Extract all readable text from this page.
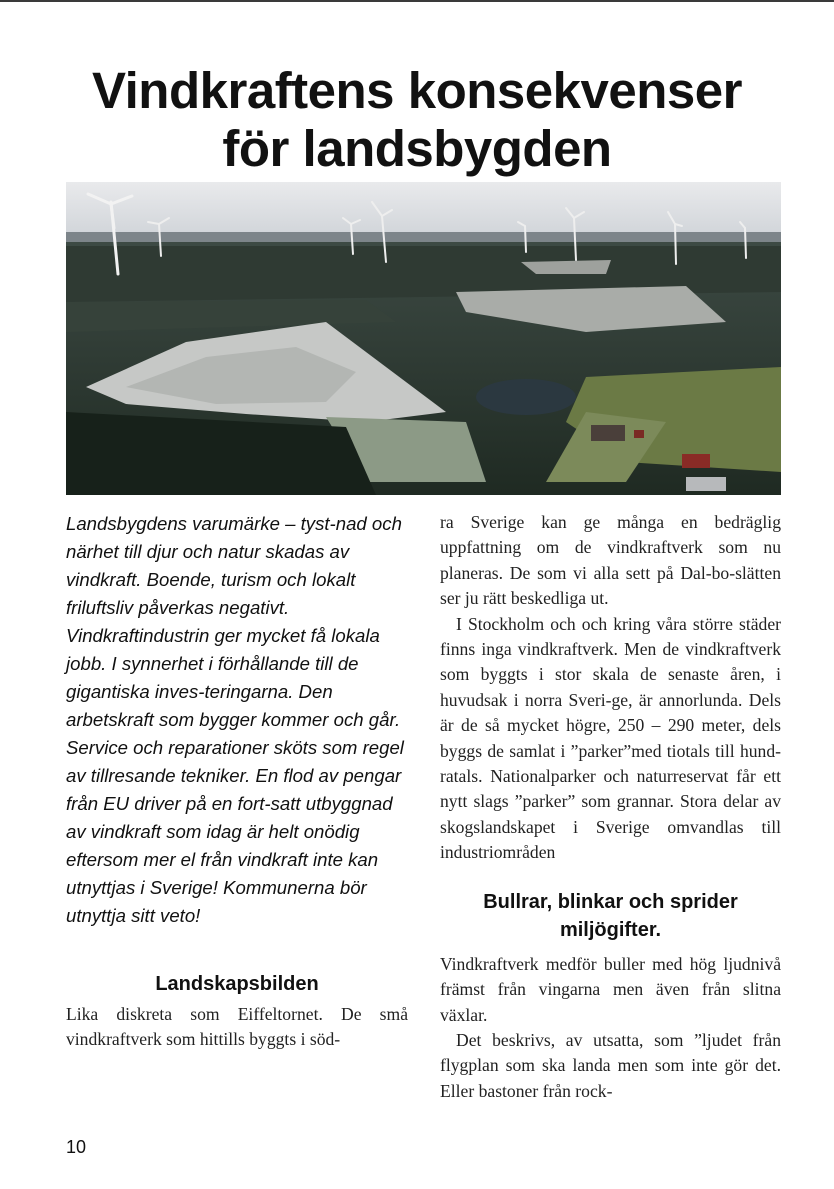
Vindkraftens konsekvenser
för landsbygden

Landsbygdens varumärke – tyst-nad och närhet till djur och natur skadas av vindkraft. Boende, turism och lokalt friluftsliv påverkas negativt. Vindkraftindustrin ger mycket få lokala jobb. I synnerhet i förhållande till de gigantiska inves-teringarna. Den arbetskraft som bygger kommer och går. Service och reparationer sköts som regel av tillresande tekniker. En flod av pengar från EU driver på en fort-satt utbyggnad av vindkraft som idag är helt onödig eftersom mer el från vindkraft inte kan utnyttjas i Sverige! Kommunerna bör utnyttja sitt veto!

Landskapsbilden

Lika diskreta som Eiffeltornet. De små vindkraftverk som hittills byggts i söd-

ra Sverige kan ge många en bedräglig uppfattning om de vindkraftverk som nu planeras. De som vi alla sett på Dal-bo-slätten ser ju rätt beskedliga ut.

I Stockholm och och kring våra större städer finns inga vindkraftverk. Men de vindkraftverk som byggts i stor skala de senaste åren, i huvudsak i norra Sveri-ge, är annorlunda. Dels är de så mycket högre, 250 – 290 meter, dels byggs de samlat i ”parker”med tiotals till hund-ratals. Nationalparker och naturreservat får ett nytt slags ”parker” som grannar. Stora delar av skogslandskapet i Sverige omvandlas till industriområden

Bullrar, blinkar och sprider miljögifter.

Vindkraftverk medför buller med hög ljudnivå främst från vingarna men även från slitna växlar.

Det beskrivs, av utsatta, som ”ljudet från flygplan som ska landa men som inte gör det. Eller bastoner från rock-

10
